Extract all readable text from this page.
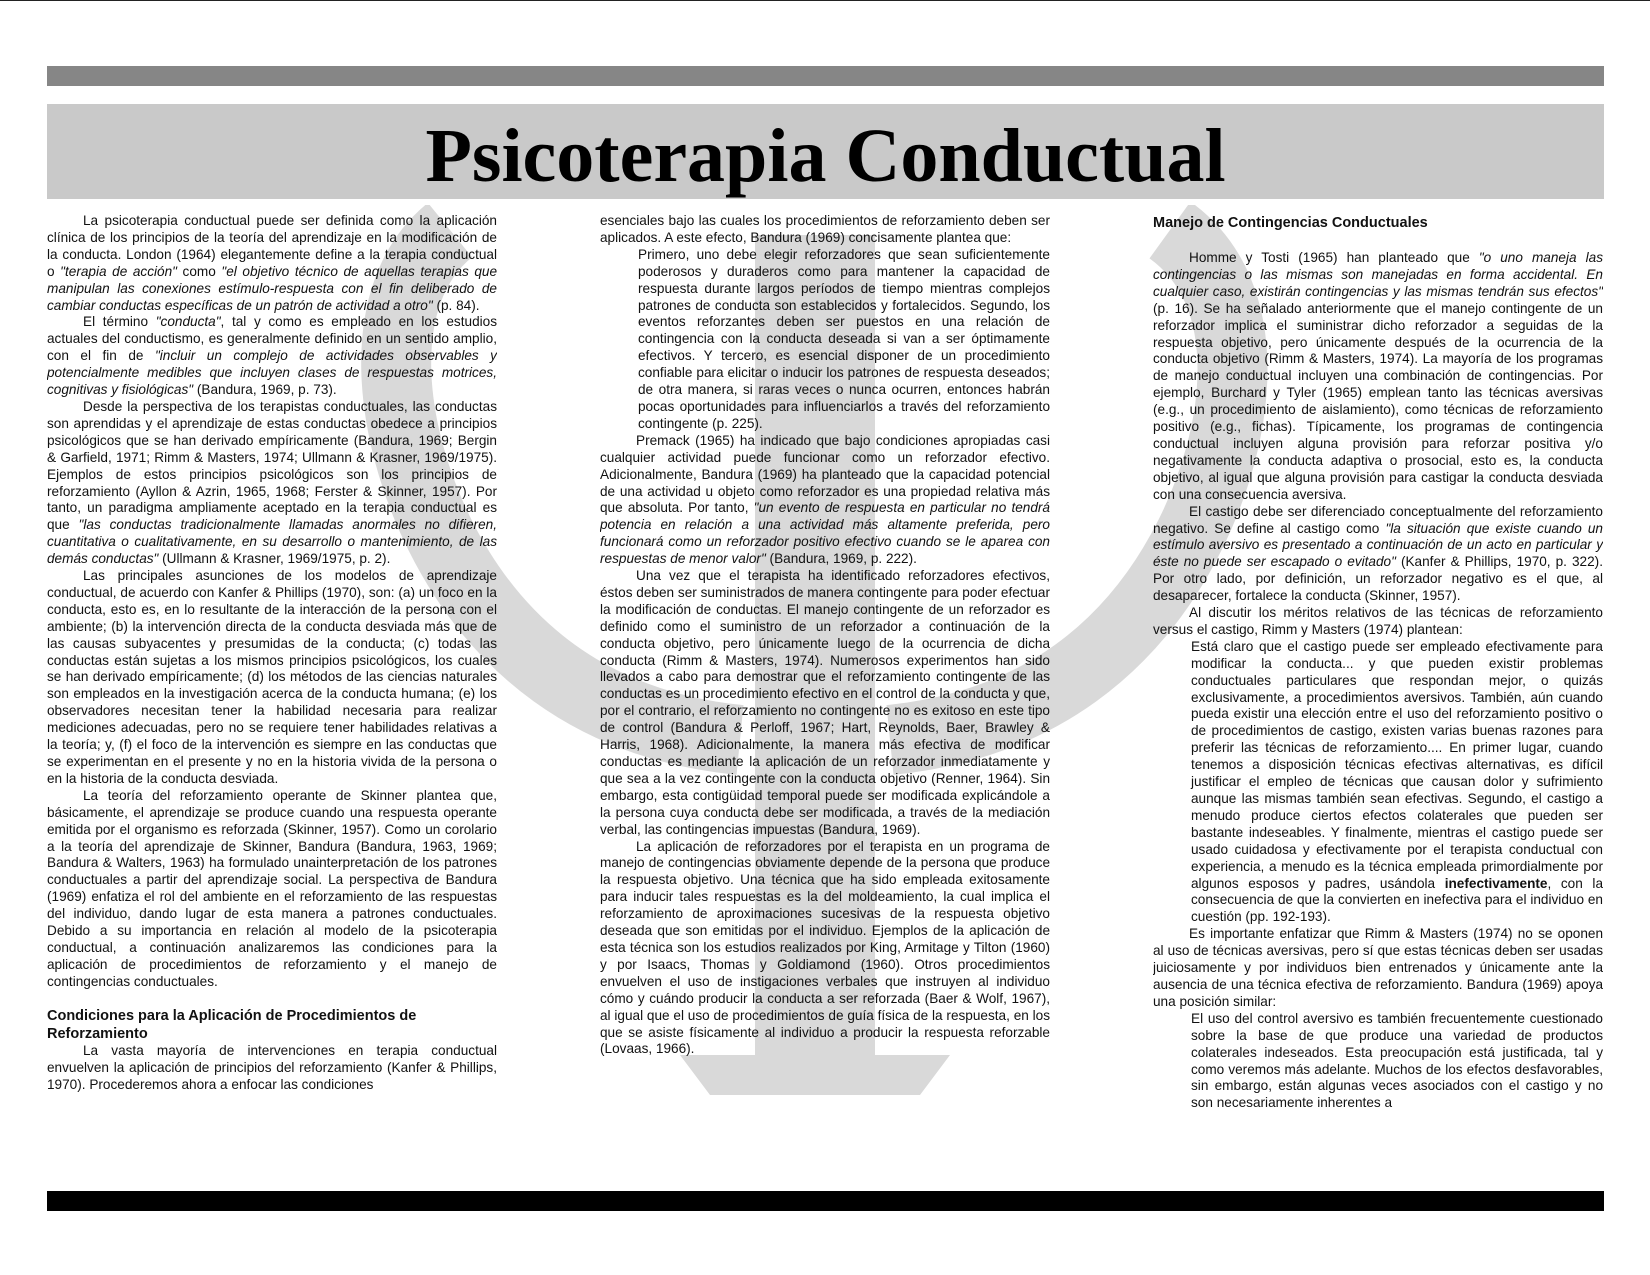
Psicoterapia Conductual

La psicoterapia conductual puede ser definida como la aplicación clínica de los principios de la teoría del aprendizaje en la modificación de la conducta. London (1964) elegantemente define a la terapia conductual o "terapia de acción" como "el objetivo técnico de aquellas terapias que manipulan las conexiones estímulo-respuesta con el fin deliberado de cambiar conductas específicas de un patrón de actividad a otro" (p. 84).

El término "conducta", tal y como es empleado en los estudios actuales del conductismo, es generalmente definido en un sentido amplio, con el fin de "incluir un complejo de actividades observables y potencialmente medibles que incluyen clases de respuestas motrices, cognitivas y fisiológicas" (Bandura, 1969, p. 73).

Desde la perspectiva de los terapistas conductuales, las conductas son aprendidas y el aprendizaje de estas conductas obedece a principios psicológicos que se han derivado empíricamente (Bandura, 1969; Bergin & Garfield, 1971; Rimm & Masters, 1974; Ullmann & Krasner, 1969/1975). Ejemplos de estos principios psicológicos son los principios de reforzamiento (Ayllon & Azrin, 1965, 1968; Ferster & Skinner, 1957). Por tanto, un paradigma ampliamente aceptado en la terapia conductual es que "las conductas tradicionalmente llamadas anormales no difieren, cuantitativa o cualitativamente, en su desarrollo o mantenimiento, de las demás conductas" (Ullmann & Krasner, 1969/1975, p. 2).

Las principales asunciones de los modelos de aprendizaje conductual, de acuerdo con Kanfer & Phillips (1970), son: (a) un foco en la conducta, esto es, en lo resultante de la interacción de la persona con el ambiente; (b) la intervención directa de la conducta desviada más que de las causas subyacentes y presumidas de la conducta; (c) todas las conductas están sujetas a los mismos principios psicológicos, los cuales se han derivado empíricamente; (d) los métodos de las ciencias naturales son empleados en la investigación acerca de la conducta humana; (e) los observadores necesitan tener la habilidad necesaria para realizar mediciones adecuadas, pero no se requiere tener habilidades relativas a la teoría; y, (f) el foco de la intervención es siempre en las conductas que se experimentan en el presente y no en la historia vivida de la persona o en la historia de la conducta desviada.

La teoría del reforzamiento operante de Skinner plantea que, básicamente, el aprendizaje se produce cuando una respuesta operante emitida por el organismo es reforzada (Skinner, 1957). Como un corolario a la teoría del aprendizaje de Skinner, Bandura (Bandura, 1963, 1969; Bandura & Walters, 1963) ha formulado unainterpretación de los patrones conductuales a partir del aprendizaje social. La perspectiva de Bandura (1969) enfatiza el rol del ambiente en el reforzamiento de las respuestas del individuo, dando lugar de esta manera a patrones conductuales. Debido a su importancia en relación al modelo de la psicoterapia conductual, a continuación analizaremos las condiciones para la aplicación de procedimientos de reforzamiento y el manejo de contingencias conductuales.

Condiciones para la Aplicación de Procedimientos de Reforzamiento

La vasta mayoría de intervenciones en terapia conductual envuelven la aplicación de principios del reforzamiento (Kanfer & Phillips, 1970). Procederemos ahora a enfocar las condiciones

esenciales bajo las cuales los procedimientos de reforzamiento deben ser aplicados. A este efecto, Bandura (1969) concisamente plantea que:

Primero, uno debe elegir reforzadores que sean suficientemente poderosos y duraderos como para mantener la capacidad de respuesta durante largos períodos de tiempo mientras complejos patrones de conducta son establecidos y fortalecidos. Segundo, los eventos reforzantes deben ser puestos en una relación de contingencia con la conducta deseada si van a ser óptimamente efectivos. Y tercero, es esencial disponer de un procedimiento confiable para elicitar o inducir los patrones de respuesta deseados; de otra manera, si raras veces o nunca ocurren, entonces habrán pocas oportunidades para influenciarlos a través del reforzamiento contingente (p. 225).

Premack (1965) ha indicado que bajo condiciones apropiadas casi cualquier actividad puede funcionar como un reforzador efectivo. Adicionalmente, Bandura (1969) ha planteado que la capacidad potencial de una actividad u objeto como reforzador es una propiedad relativa más que absoluta. Por tanto, "un evento de respuesta en particular no tendrá potencia en relación a una actividad más altamente preferida, pero funcionará como un reforzador positivo efectivo cuando se le aparea con respuestas de menor valor" (Bandura, 1969, p. 222).

Una vez que el terapista ha identificado reforzadores efectivos, éstos deben ser suministrados de manera contingente para poder efectuar la modificación de conductas. El manejo contingente de un reforzador es definido como el suministro de un reforzador a continuación de la conducta objetivo, pero únicamente luego de la ocurrencia de dicha conducta (Rimm & Masters, 1974). Numerosos experimentos han sido llevados a cabo para demostrar que el reforzamiento contingente de las conductas es un procedimiento efectivo en el control de la conducta y que, por el contrario, el reforzamiento no contingente no es exitoso en este tipo de control (Bandura & Perloff, 1967; Hart, Reynolds, Baer, Brawley & Harris, 1968). Adicionalmente, la manera más efectiva de modificar conductas es mediante la aplicación de un reforzador inmediatamente y que sea a la vez contingente con la conducta objetivo (Renner, 1964). Sin embargo, esta contigüidad temporal puede ser modificada explicándole a la persona cuya conducta debe ser modificada, a través de la mediación verbal, las contingencias impuestas (Bandura, 1969).

La aplicación de reforzadores por el terapista en un programa de manejo de contingencias obviamente depende de la persona que produce la respuesta objetivo. Una técnica que ha sido empleada exitosamente para inducir tales respuestas es la del moldeamiento, la cual implica el reforzamiento de aproximaciones sucesivas de la respuesta objetivo deseada que son emitidas por el individuo. Ejemplos de la aplicación de esta técnica son los estudios realizados por King, Armitage y Tilton (1960) y por Isaacs, Thomas y Goldiamond (1960). Otros procedimientos envuelven el uso de instigaciones verbales que instruyen al individuo cómo y cuándo producir la conducta a ser reforzada (Baer & Wolf, 1967), al igual que el uso de procedimientos de guía física de la respuesta, en los que se asiste físicamente al individuo a producir la respuesta reforzable (Lovaas, 1966).

Manejo de Contingencias Conductuales

Homme y Tosti (1965) han planteado que "o uno maneja las contingencias o las mismas son manejadas en forma accidental. En cualquier caso, existirán contingencias y las mismas tendrán sus efectos" (p. 16). Se ha señalado anteriormente que el manejo contingente de un reforzador implica el suministrar dicho reforzador a seguidas de la respuesta objetivo, pero únicamente después de la ocurrencia de la conducta objetivo (Rimm & Masters, 1974). La mayoría de los programas de manejo conductual incluyen una combinación de contingencias. Por ejemplo, Burchard y Tyler (1965) emplean tanto las técnicas aversivas (e.g., un procedimiento de aislamiento), como técnicas de reforzamiento positivo (e.g., fichas). Típicamente, los programas de contingencia conductual incluyen alguna provisión para reforzar positiva y/o negativamente la conducta adaptiva o prosocial, esto es, la conducta objetivo, al igual que alguna provisión para castigar la conducta desviada con una consecuencia aversiva.

El castigo debe ser diferenciado conceptualmente del reforzamiento negativo. Se define al castigo como "la situación que existe cuando un estímulo aversivo es presentado a continuación de un acto en particular y éste no puede ser escapado o evitado" (Kanfer & Phillips, 1970, p. 322). Por otro lado, por definición, un reforzador negativo es el que, al desaparecer, fortalece la conducta (Skinner, 1957).

Al discutir los méritos relativos de las técnicas de reforzamiento versus el castigo, Rimm y Masters (1974) plantean:

Está claro que el castigo puede ser empleado efectivamente para modificar la conducta... y que pueden existir problemas conductuales particulares que respondan mejor, o quizás exclusivamente, a procedimientos aversivos. También, aún cuando pueda existir una elección entre el uso del reforzamiento positivo o de procedimientos de castigo, existen varias buenas razones para preferir las técnicas de reforzamiento.... En primer lugar, cuando tenemos a disposición técnicas efectivas alternativas, es difícil justificar el empleo de técnicas que causan dolor y sufrimiento aunque las mismas también sean efectivas. Segundo, el castigo a menudo produce ciertos efectos colaterales que pueden ser bastante indeseables. Y finalmente, mientras el castigo puede ser usado cuidadosa y efectivamente por el terapista conductual con experiencia, a menudo es la técnica empleada primordialmente por algunos esposos y padres, usándola inefectivamente, con la consecuencia de que la convierten en inefectiva para el individuo en cuestión (pp. 192-193).

Es importante enfatizar que Rimm & Masters (1974) no se oponen al uso de técnicas aversivas, pero sí que estas técnicas deben ser usadas juiciosamente y por individuos bien entrenados y únicamente ante la ausencia de una técnica efectiva de reforzamiento. Bandura (1969) apoya una posición similar:

El uso del control aversivo es también frecuentemente cuestionado sobre la base de que produce una variedad de productos colaterales indeseados. Esta preocupación está justificada, tal y como veremos más adelante. Muchos de los efectos desfavorables, sin embargo, están algunas veces asociados con el castigo y no son necesariamente inherentes a
